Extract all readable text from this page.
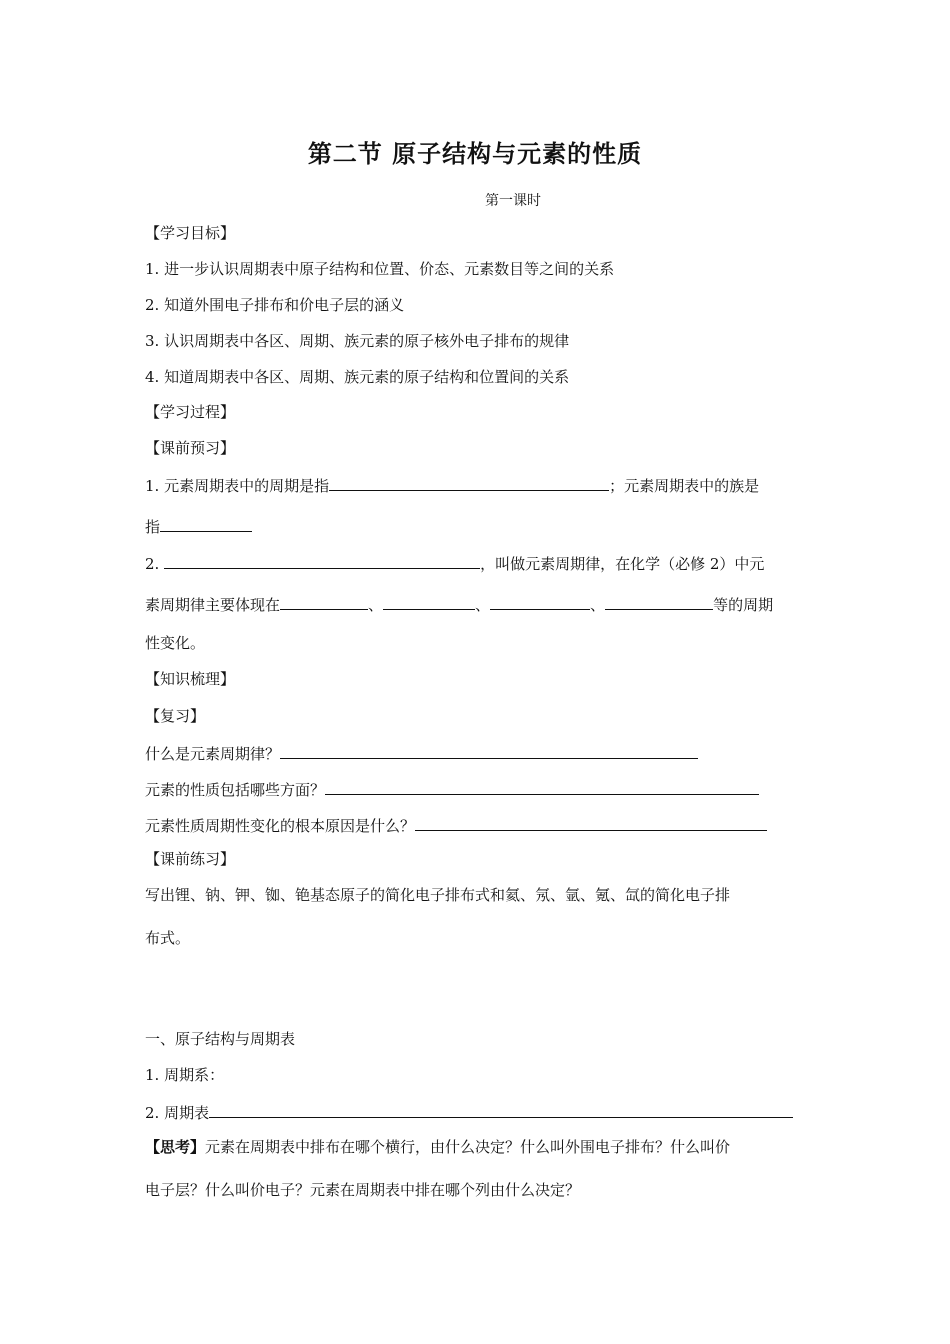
第二节 原子结构与元素的性质
第一课时
【学习目标】
1. 进一步认识周期表中原子结构和位置、价态、元素数目等之间的关系
2. 知道外围电子排布和价电子层的涵义
3. 认识周期表中各区、周期、族元素的原子核外电子排布的规律
4. 知道周期表中各区、周期、族元素的原子结构和位置间的关系
【学习过程】
【课前预习】
1. 元素周期表中的周期是指	；元素周期表中的族是
指
2.	，叫做元素周期律，在化学（必修 2）中元
素周期律主要体现在	、	、	、	等的周期
性变化。
【知识梳理】
【复习】
什么是元素周期律？
元素的性质包括哪些方面？
元素性质周期性变化的根本原因是什么？
【课前练习】
写出锂、钠、钾、铷、铯基态原子的简化电子排布式和氦、氖、氩、氪、氙的简化电子排
布式。
一、原子结构与周期表
1. 周期系：
2. 周期表
【思考】元素在周期表中排布在哪个横行，由什么决定？什么叫外围电子排布？什么叫价
电子层？什么叫价电子？元素在周期表中排在哪个列由什么决定？
